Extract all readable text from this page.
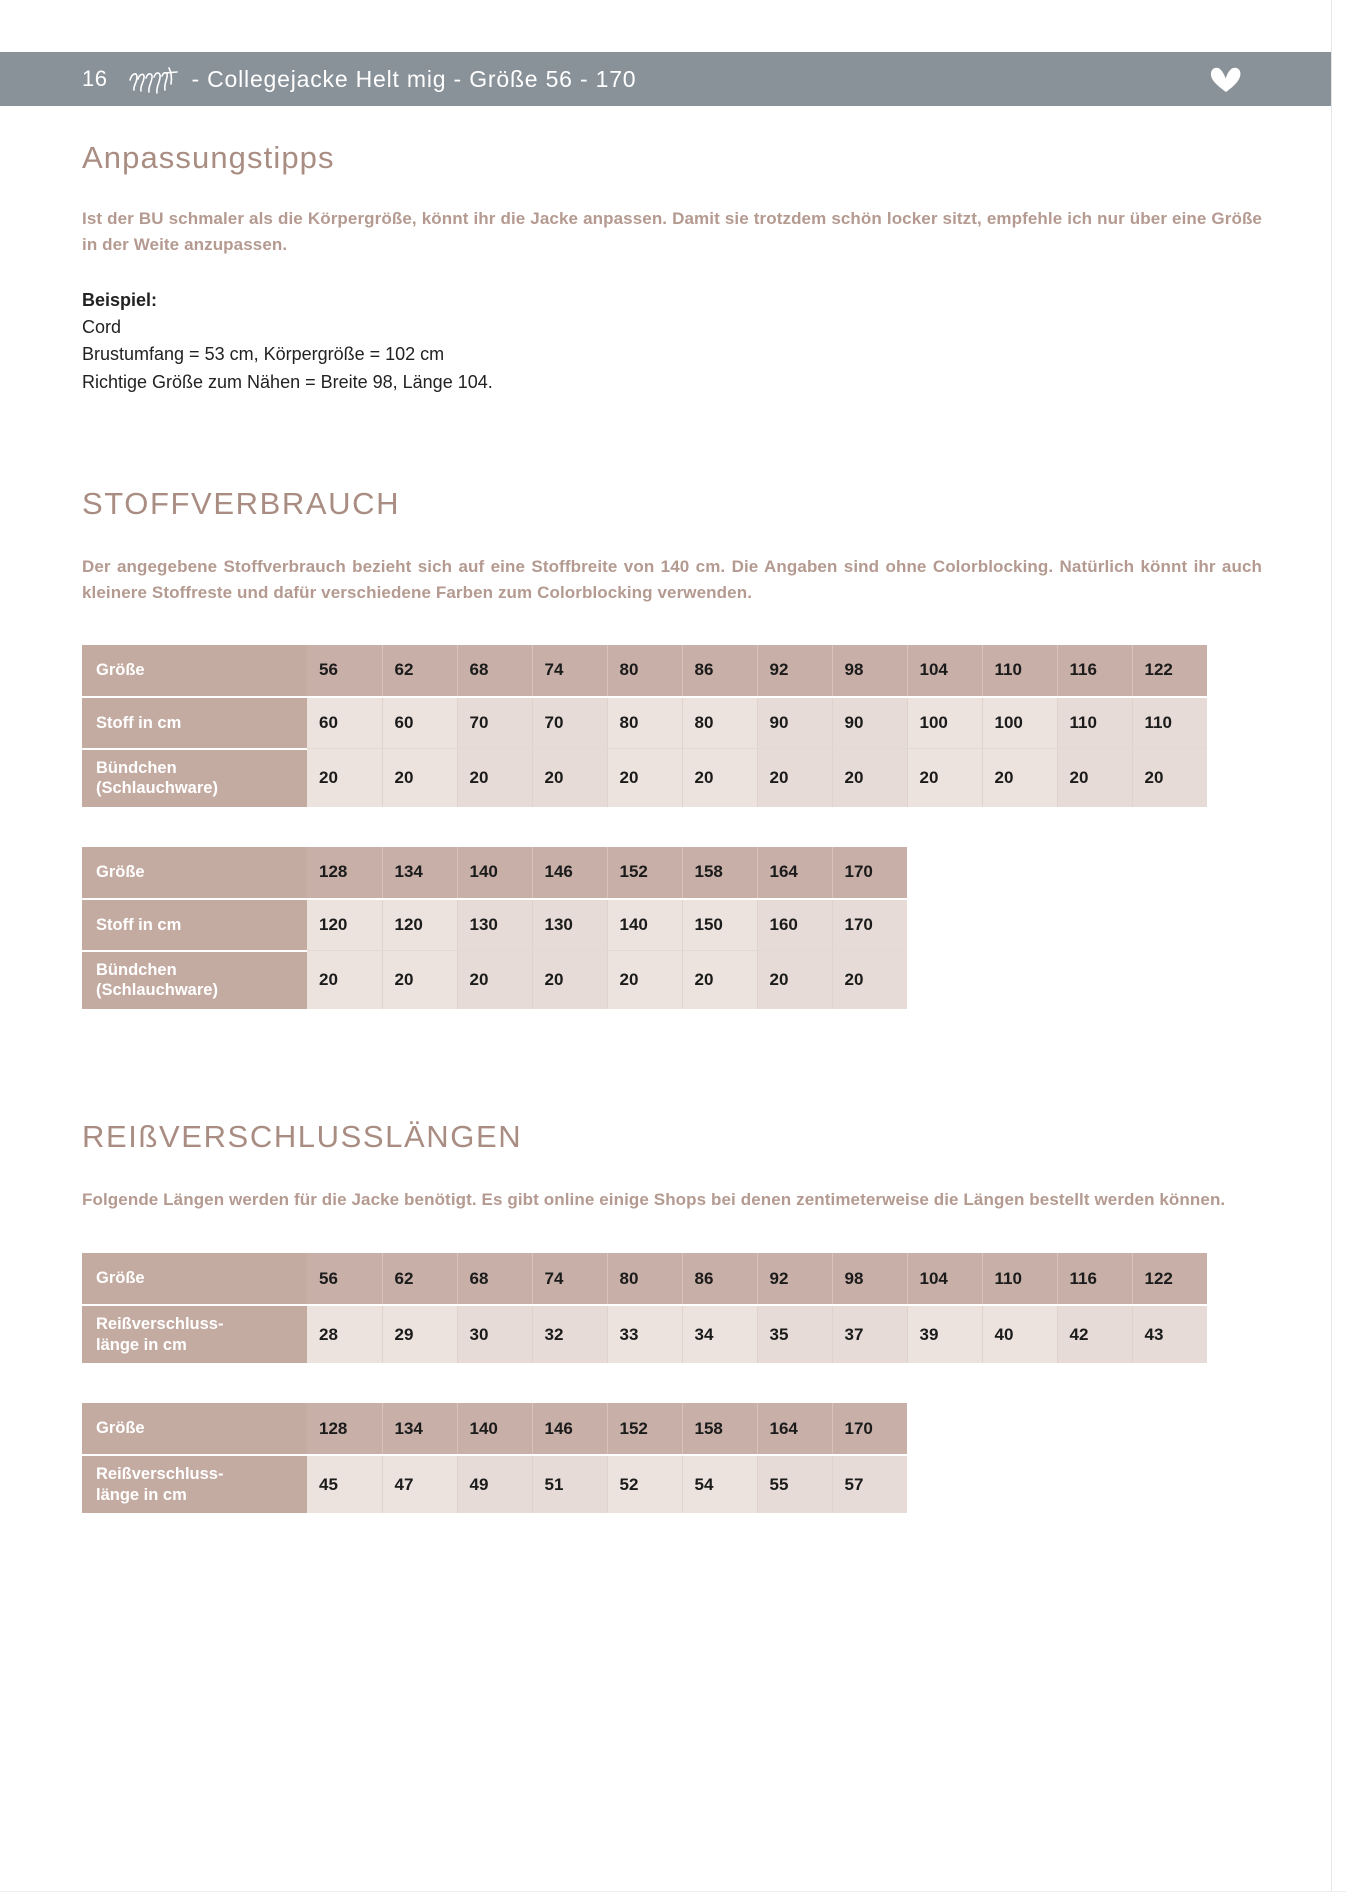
16	- Collegejacke Helt mig - Größe 56 - 170
Anpassungstipps

Ist der BU schmaler als die Körpergröße, könnt ihr die Jacke anpassen. Damit sie trotzdem schön locker sitzt, empfehle ich nur über eine Größe in der Weite anzupassen.

Beispiel:
Cord
Brustumfang = 53 cm, Körpergröße = 102 cm
Richtige Größe zum Nähen = Breite 98, Länge 104.
STOFFVERBRAUCH

Der angegebene Stoffverbrauch bezieht sich auf eine Stoffbreite von 140 cm. Die Angaben sind ohne Colorblocking. Natürlich könnt ihr auch kleinere Stoffreste und dafür verschiedene Farben zum Colorblocking verwenden.

Größe	56	62	68	74	80	86	92	98	104	110	116	122
Stoff in cm	60	60	70	70	80	80	90	90	100	100	110	110
Bündchen
(Schlauchware)	20	20	20	20	20	20	20	20	20	20	20	20
Größe	128	134	140	146	152	158	164	170
Stoff in cm	120	120	130	130	140	150	160	170
Bündchen
(Schlauchware)	20	20	20	20	20	20	20	20
REIßVERSCHLUSSLÄNGEN

Folgende Längen werden für die Jacke benötigt. Es gibt online einige Shops bei denen zentimeterweise die Längen bestellt werden können.

Größe	56	62	68	74	80	86	92	98	104	110	116	122
Reißverschluss-
länge in cm	28	29	30	32	33	34	35	37	39	40	42	43
Größe	128	134	140	146	152	158	164	170
Reißverschluss-
länge in cm	45	47	49	51	52	54	55	57
